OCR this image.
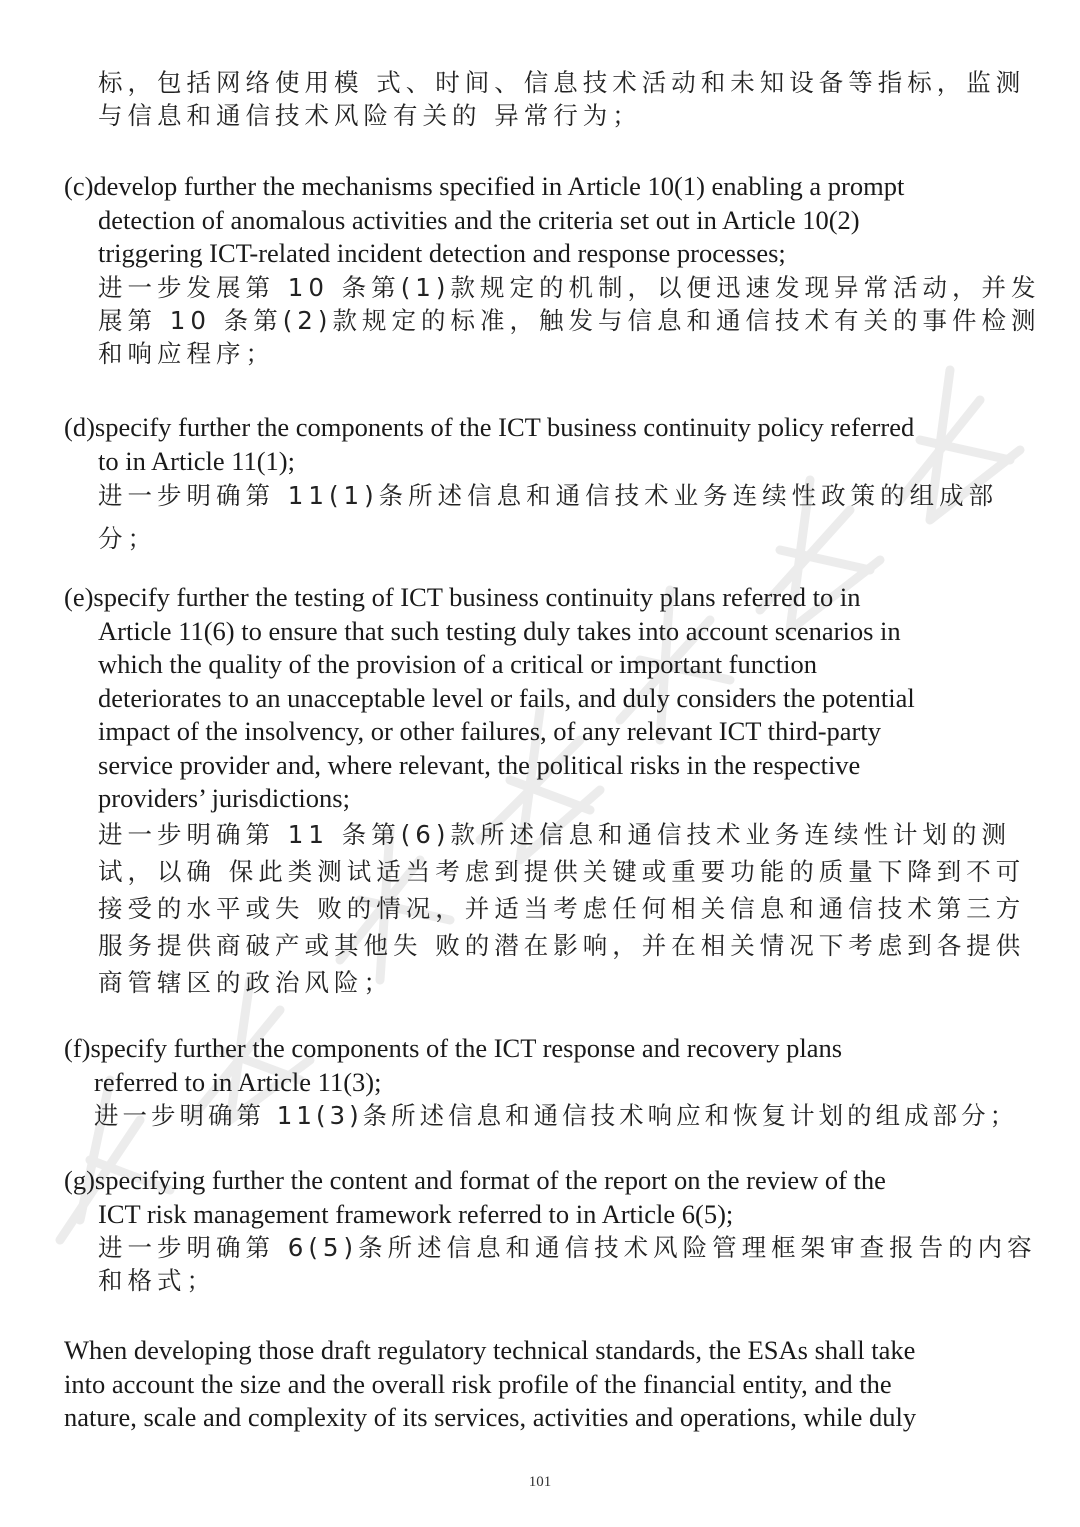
标，包括网络使用模 式、时间、信息技术活动和未知设备等指标，监测
与信息和通信技术风险有关的 异常行为；

(c)develop further the mechanisms specified in Article 10(1) enabling a prompt
detection of anomalous activities and the criteria set out in Article 10(2)
triggering ICT-related incident detection and response processes;

进一步发展第 10 条第(1)款规定的机制，以便迅速发现异常活动，并发
展第 10 条第(2)款规定的标准，触发与信息和通信技术有关的事件检测
和响应程序；

(d)specify further the components of the ICT business continuity policy referred
to in Article 11(1);

进一步明确第 11(1)条所述信息和通信技术业务连续性政策的组成部
分；

(e)specify further the testing of ICT business continuity plans referred to in
Article 11(6) to ensure that such testing duly takes into account scenarios in
which the quality of the provision of a critical or important function
deteriorates to an unacceptable level or fails, and duly considers the potential
impact of the insolvency, or other failures, of any relevant ICT third-party
service provider and, where relevant, the political risks in the respective
providers’ jurisdictions;

进一步明确第 11 条第(6)款所述信息和通信技术业务连续性计划的测
试，以确 保此类测试适当考虑到提供关键或重要功能的质量下降到不可
接受的水平或失 败的情况，并适当考虑任何相关信息和通信技术第三方
服务提供商破产或其他失 败的潜在影响，并在相关情况下考虑到各提供
商管辖区的政治风险；

(f)specify further the components of the ICT response and recovery plans
referred to in Article 11(3);

进一步明确第 11(3)条所述信息和通信技术响应和恢复计划的组成部分；

(g)specifying further the content and format of the report on the review of the
ICT risk management framework referred to in Article 6(5);

进一步明确第 6(5)条所述信息和通信技术风险管理框架审查报告的内容
和格式；

When developing those draft regulatory technical standards, the ESAs shall take
into account the size and the overall risk profile of the financial entity, and the
nature, scale and complexity of its services, activities and operations, while duly

101
